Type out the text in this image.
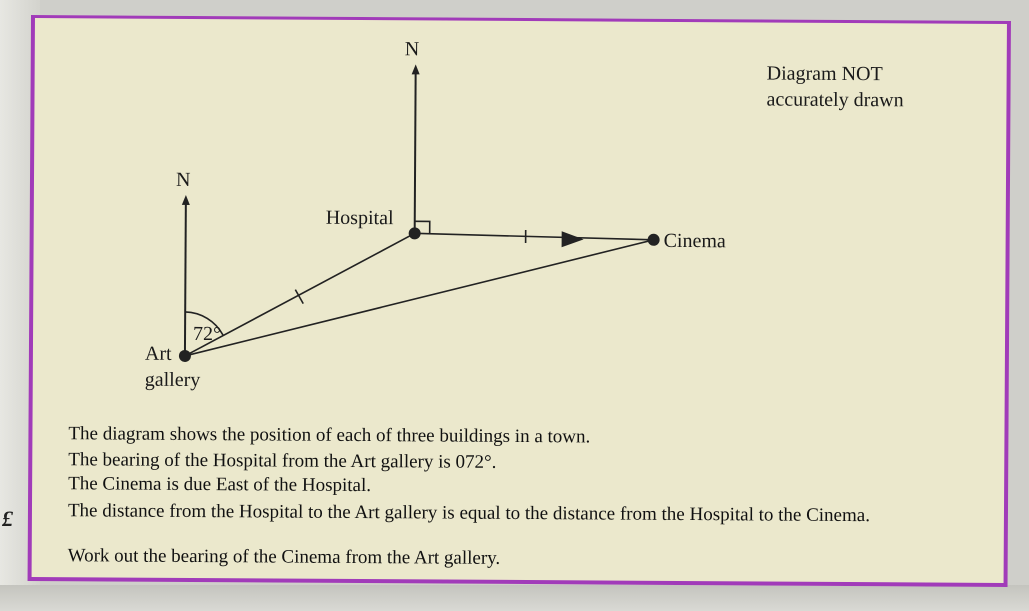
£
N
N
Diagram NOT
accurately drawn
Hospital
Cinema
72°
Art
gallery
The diagram shows the position of each of three buildings in a town.
The bearing of the Hospital from the Art gallery is 072°.
The Cinema is due East of the Hospital.
The distance from the Hospital to the Art gallery is equal to the distance from the Hospital to the Cinema.
Work out the bearing of the Cinema from the Art gallery.
